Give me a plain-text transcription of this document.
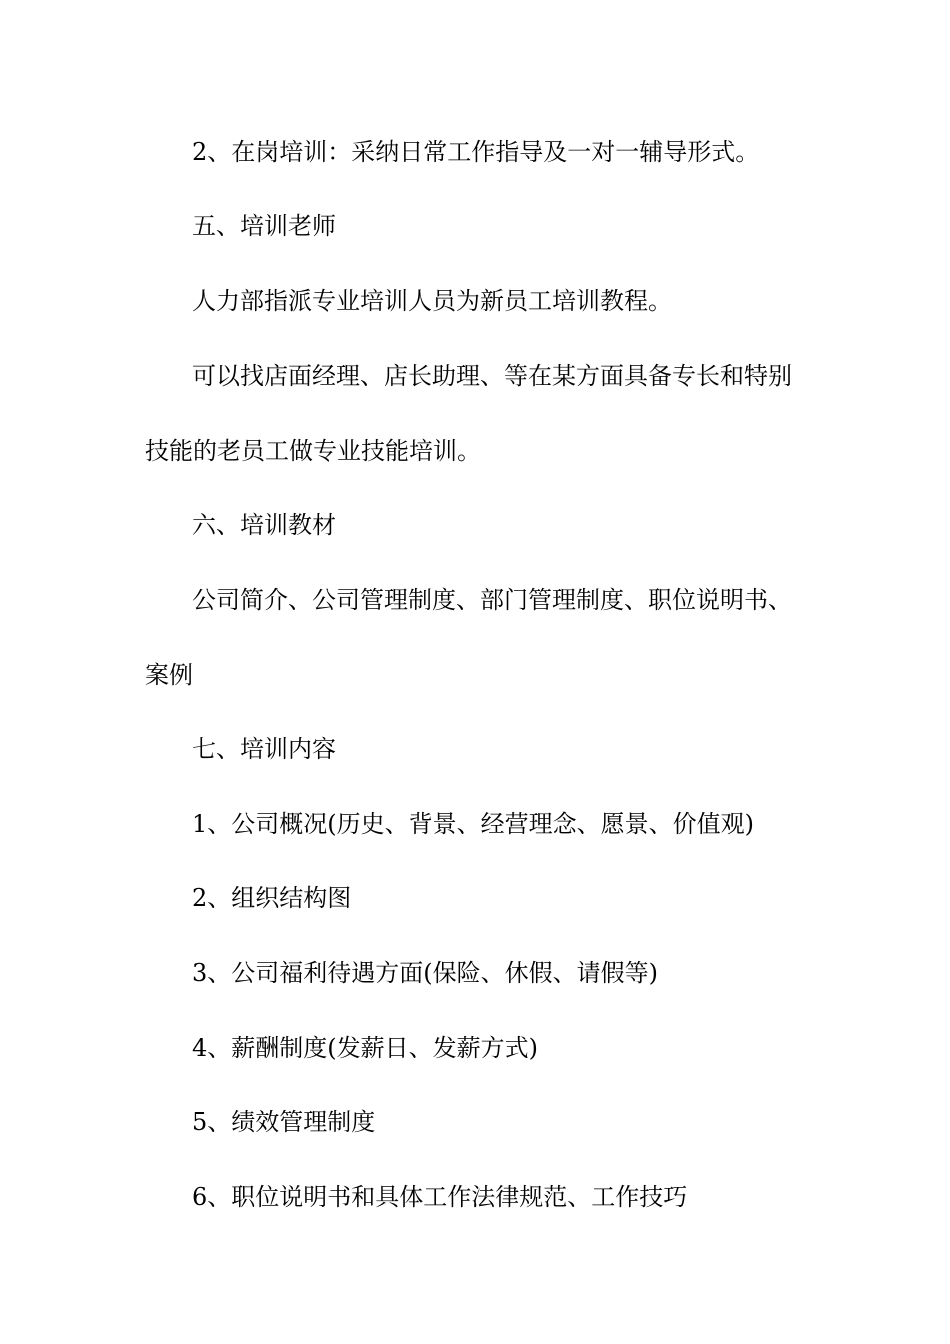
2、在岗培训：采纳日常工作指导及一对一辅导形式。
五、培训老师
人力部指派专业培训人员为新员工培训教程。
可以找店面经理、店长助理、等在某方面具备专长和特别
技能的老员工做专业技能培训。
六、培训教材
公司简介、公司管理制度、部门管理制度、职位说明书、
案例
七、培训内容
1、公司概况(历史、背景、经营理念、愿景、价值观)
2、组织结构图
3、公司福利待遇方面(保险、休假、请假等)
4、薪酬制度(发薪日、发薪方式)
5、绩效管理制度
6、职位说明书和具体工作法律规范、工作技巧
